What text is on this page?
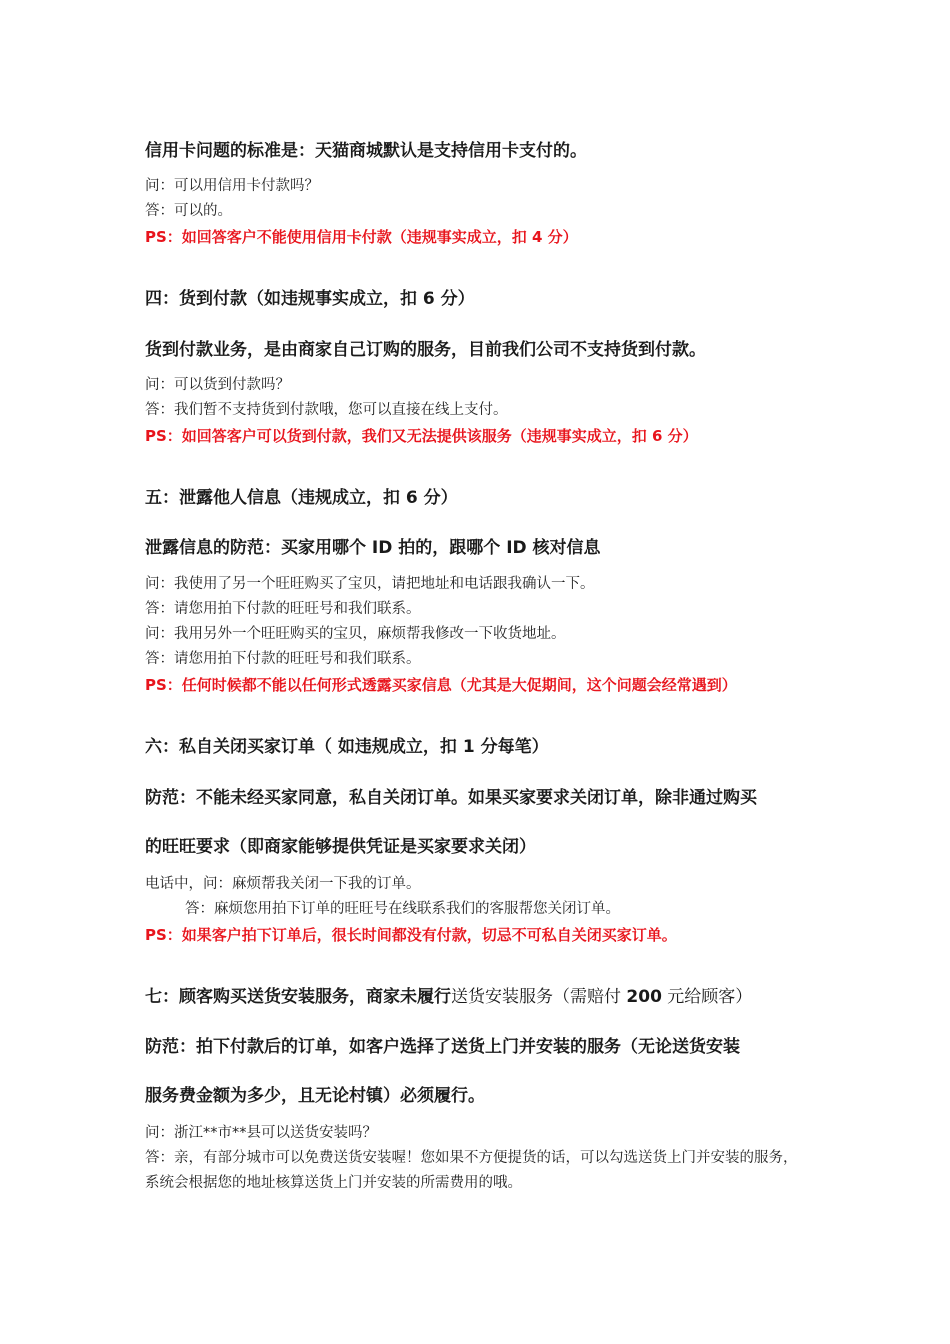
信用卡问题的标准是：天猫商城默认是支持信用卡支付的。
问：可以用信用卡付款吗？
答：可以的。
PS：如回答客户不能使用信用卡付款（违规事实成立，扣 4 分）
四：货到付款（如违规事实成立，扣 6 分）
货到付款业务，是由商家自己订购的服务，目前我们公司不支持货到付款。
问：可以货到付款吗？
答：我们暂不支持货到付款哦，您可以直接在线上支付。
PS：如回答客户可以货到付款，我们又无法提供该服务（违规事实成立，扣 6 分）
五：泄露他人信息（违规成立，扣 6 分）
泄露信息的防范：买家用哪个 ID 拍的，跟哪个 ID 核对信息
问：我使用了另一个旺旺购买了宝贝，请把地址和电话跟我确认一下。
答：请您用拍下付款的旺旺号和我们联系。
问：我用另外一个旺旺购买的宝贝，麻烦帮我修改一下收货地址。
答：请您用拍下付款的旺旺号和我们联系。
PS：任何时候都不能以任何形式透露买家信息（尤其是大促期间，这个问题会经常遇到）
六：私自关闭买家订单（ 如违规成立，扣 1 分每笔）
防范：不能未经买家同意，私自关闭订单。如果买家要求关闭订单，除非通过购买
的旺旺要求（即商家能够提供凭证是买家要求关闭）
电话中，问：麻烦帮我关闭一下我的订单。
答：麻烦您用拍下订单的旺旺号在线联系我们的客服帮您关闭订单。
PS：如果客户拍下订单后，很长时间都没有付款，切忌不可私自关闭买家订单。
七：顾客购买送货安装服务，商家未履行送货安装服务（需赔付 200 元给顾客）
防范：拍下付款后的订单，如客户选择了送货上门并安装的服务（无论送货安装
服务费金额为多少，且无论村镇）必须履行。
问：浙江**市**县可以送货安装吗？
答：亲，有部分城市可以免费送货安装喔！您如果不方便提货的话，可以勾选送货上门并安装的服务，系统会根据您的地址核算送货上门并安装的所需费用的哦。
